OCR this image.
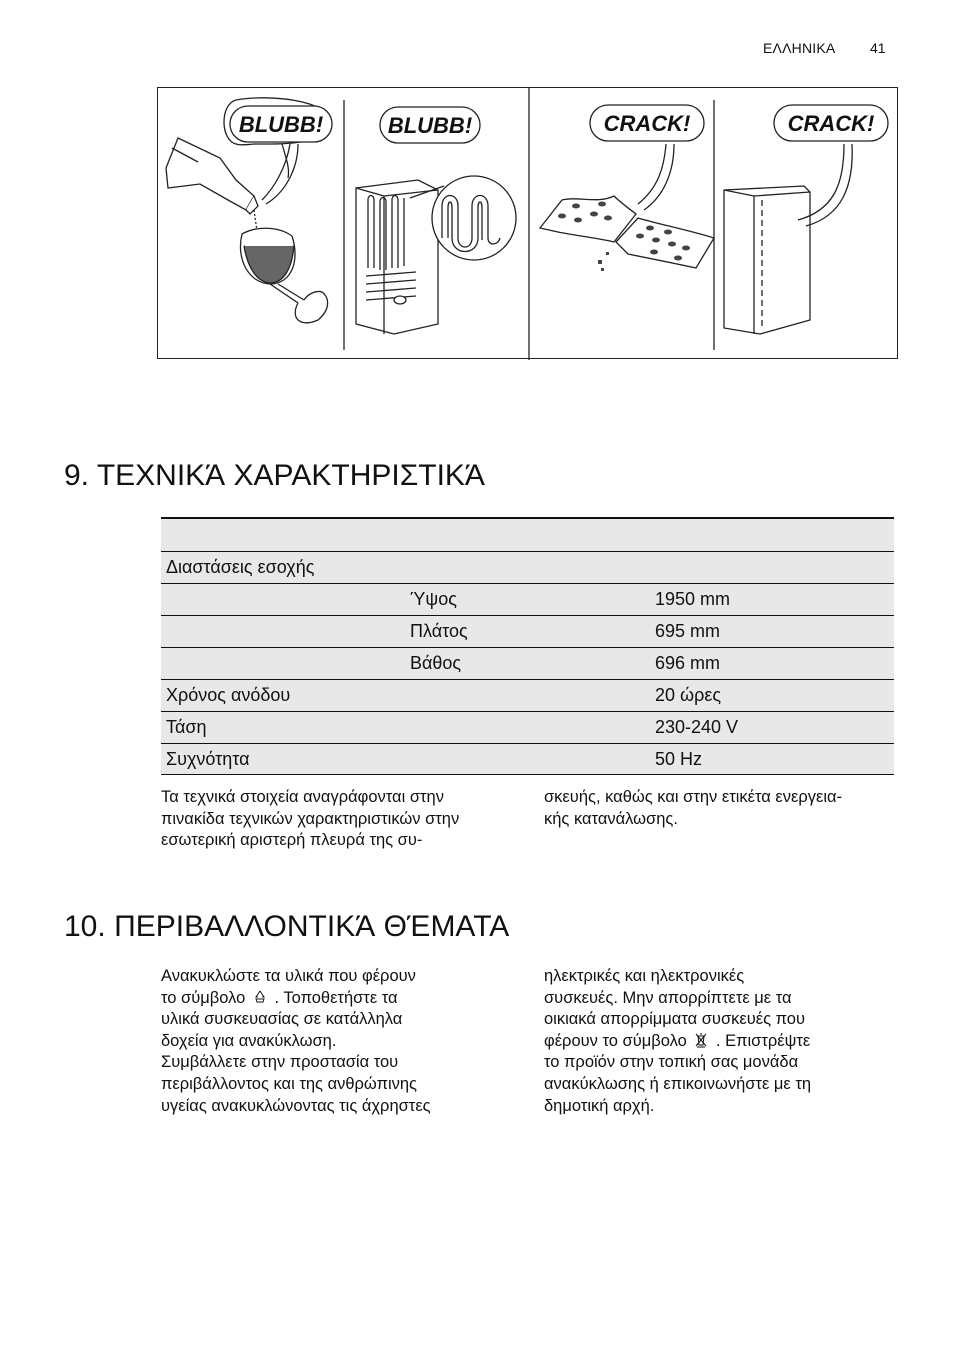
ΕΛΛΗΝΙΚΑ 41
BLUBB!	BLUBB!	CRACK!	CRACK!
9. ΤΕΧΝΙΚΆ ΧΑΡΑΚΤΗΡΙΣΤΙΚΆ
Διαστάσεις εσοχής
Ύψος	1950 mm
Πλάτος	695 mm
Βάθος	696 mm
Χρόνος ανόδου	20 ώρες
Τάση	230-240 V
Συχνότητα	50 Hz

Τα τεχνικά στοιχεία αναγράφονται στην
πινακίδα τεχνικών χαρακτηριστικών στην
εσωτερική αριστερή πλευρά της συ-

σκευής, καθώς και στην ετικέτα ενεργεια-
κής κατανάλωσης.

10. ΠΕΡΙΒΑΛΛΟΝΤΙΚΆ ΘΈΜΑΤΑ

Ανακυκλώστε τα υλικά που φέρουν
το σύμβολο . Τοποθετήστε τα
υλικά συσκευασίας σε κατάλληλα
δοχεία για ανακύκλωση.
Συμβάλλετε στην προστασία του
περιβάλλοντος και της ανθρώπινης
υγείας ανακυκλώνοντας τις άχρηστες

ηλεκτρικές και ηλεκτρονικές
συσκευές. Μην απορρίπτετε με τα
οικιακά απορρίμματα συσκευές που
φέρουν το σύμβολο . Επιστρέψτε
το προϊόν στην τοπική σας μονάδα
ανακύκλωσης ή επικοινωνήστε με τη
δημοτική αρχή.
